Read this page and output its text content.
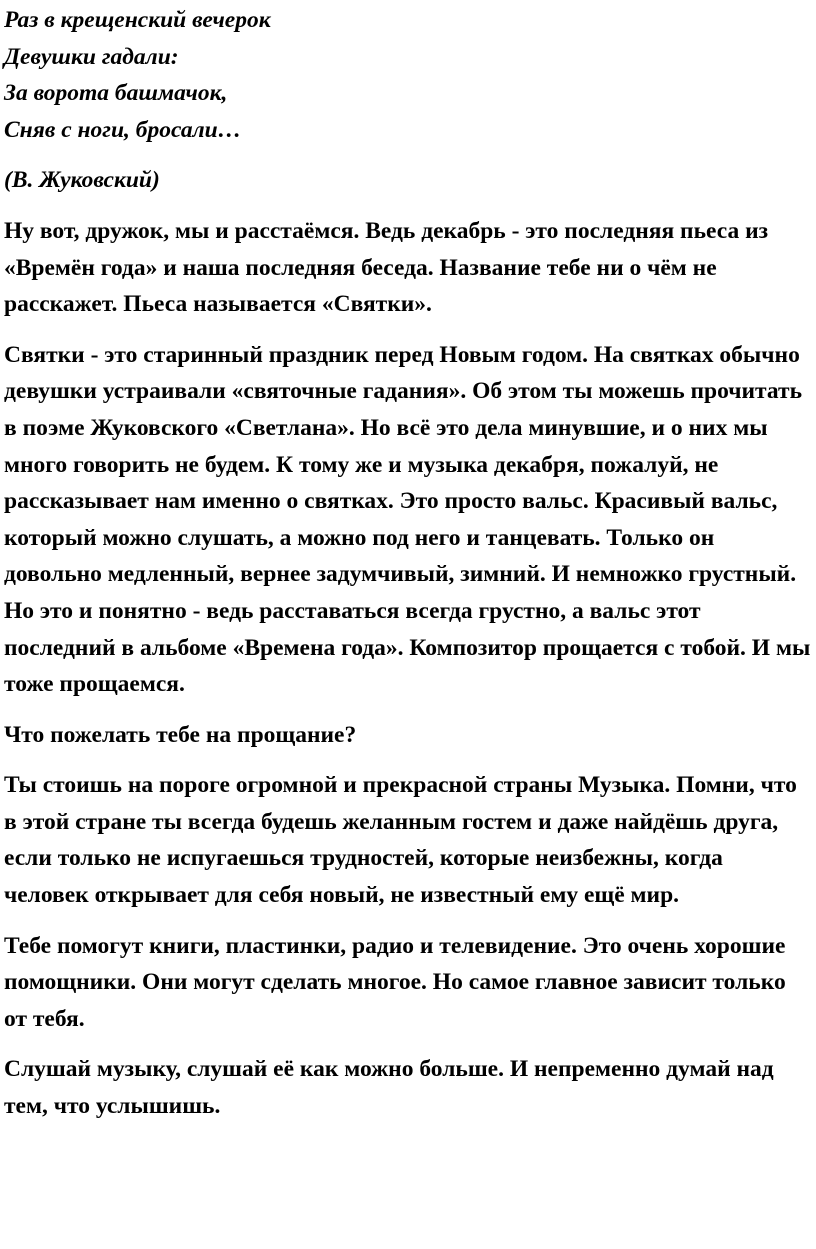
Раз в крещенский вечерок
Девушки гадали:
За ворота башмачок,
Сняв с ноги, бросали…
(В. Жуковский)

Ну вот, дружок, мы и расстаёмся. Ведь декабрь - это последняя пьеса из «Времён года» и наша последняя беседа. Название тебе ни о чём не расскажет. Пьеса называется «Святки».

Святки - это старинный праздник перед Новым годом. На святках обычно девушки устраивали «святочные гадания». Об этом ты можешь прочитать в поэме Жуковского «Светлана». Но всё это дела минувшие, и о них мы много говорить не будем. К тому же и музыка декабря, пожалуй, не рассказывает нам именно о святках. Это просто вальс. Красивый вальс, который можно слушать, а можно под него и танцевать. Только он довольно медленный, вернее задумчивый, зимний. И немножко грустный. Но это и понятно - ведь расставаться всегда грустно, а вальс этот последний в альбоме «Времена года». Композитор прощается с тобой. И мы тоже прощаемся.

Что пожелать тебе на прощание?

Ты стоишь на пороге огромной и прекрасной страны Музыка. Помни, что в этой стране ты всегда будешь желанным гостем и даже найдёшь друга, если только не испугаешься трудностей, которые неизбежны, когда человек открывает для себя новый, не известный ему ещё мир.

Тебе помогут книги, пластинки, радио и телевидение. Это очень хорошие помощники. Они могут сделать многое. Но самое главное зависит только от тебя.

Слушай музыку, слушай её как можно больше. И непременно думай над тем, что услышишь.
